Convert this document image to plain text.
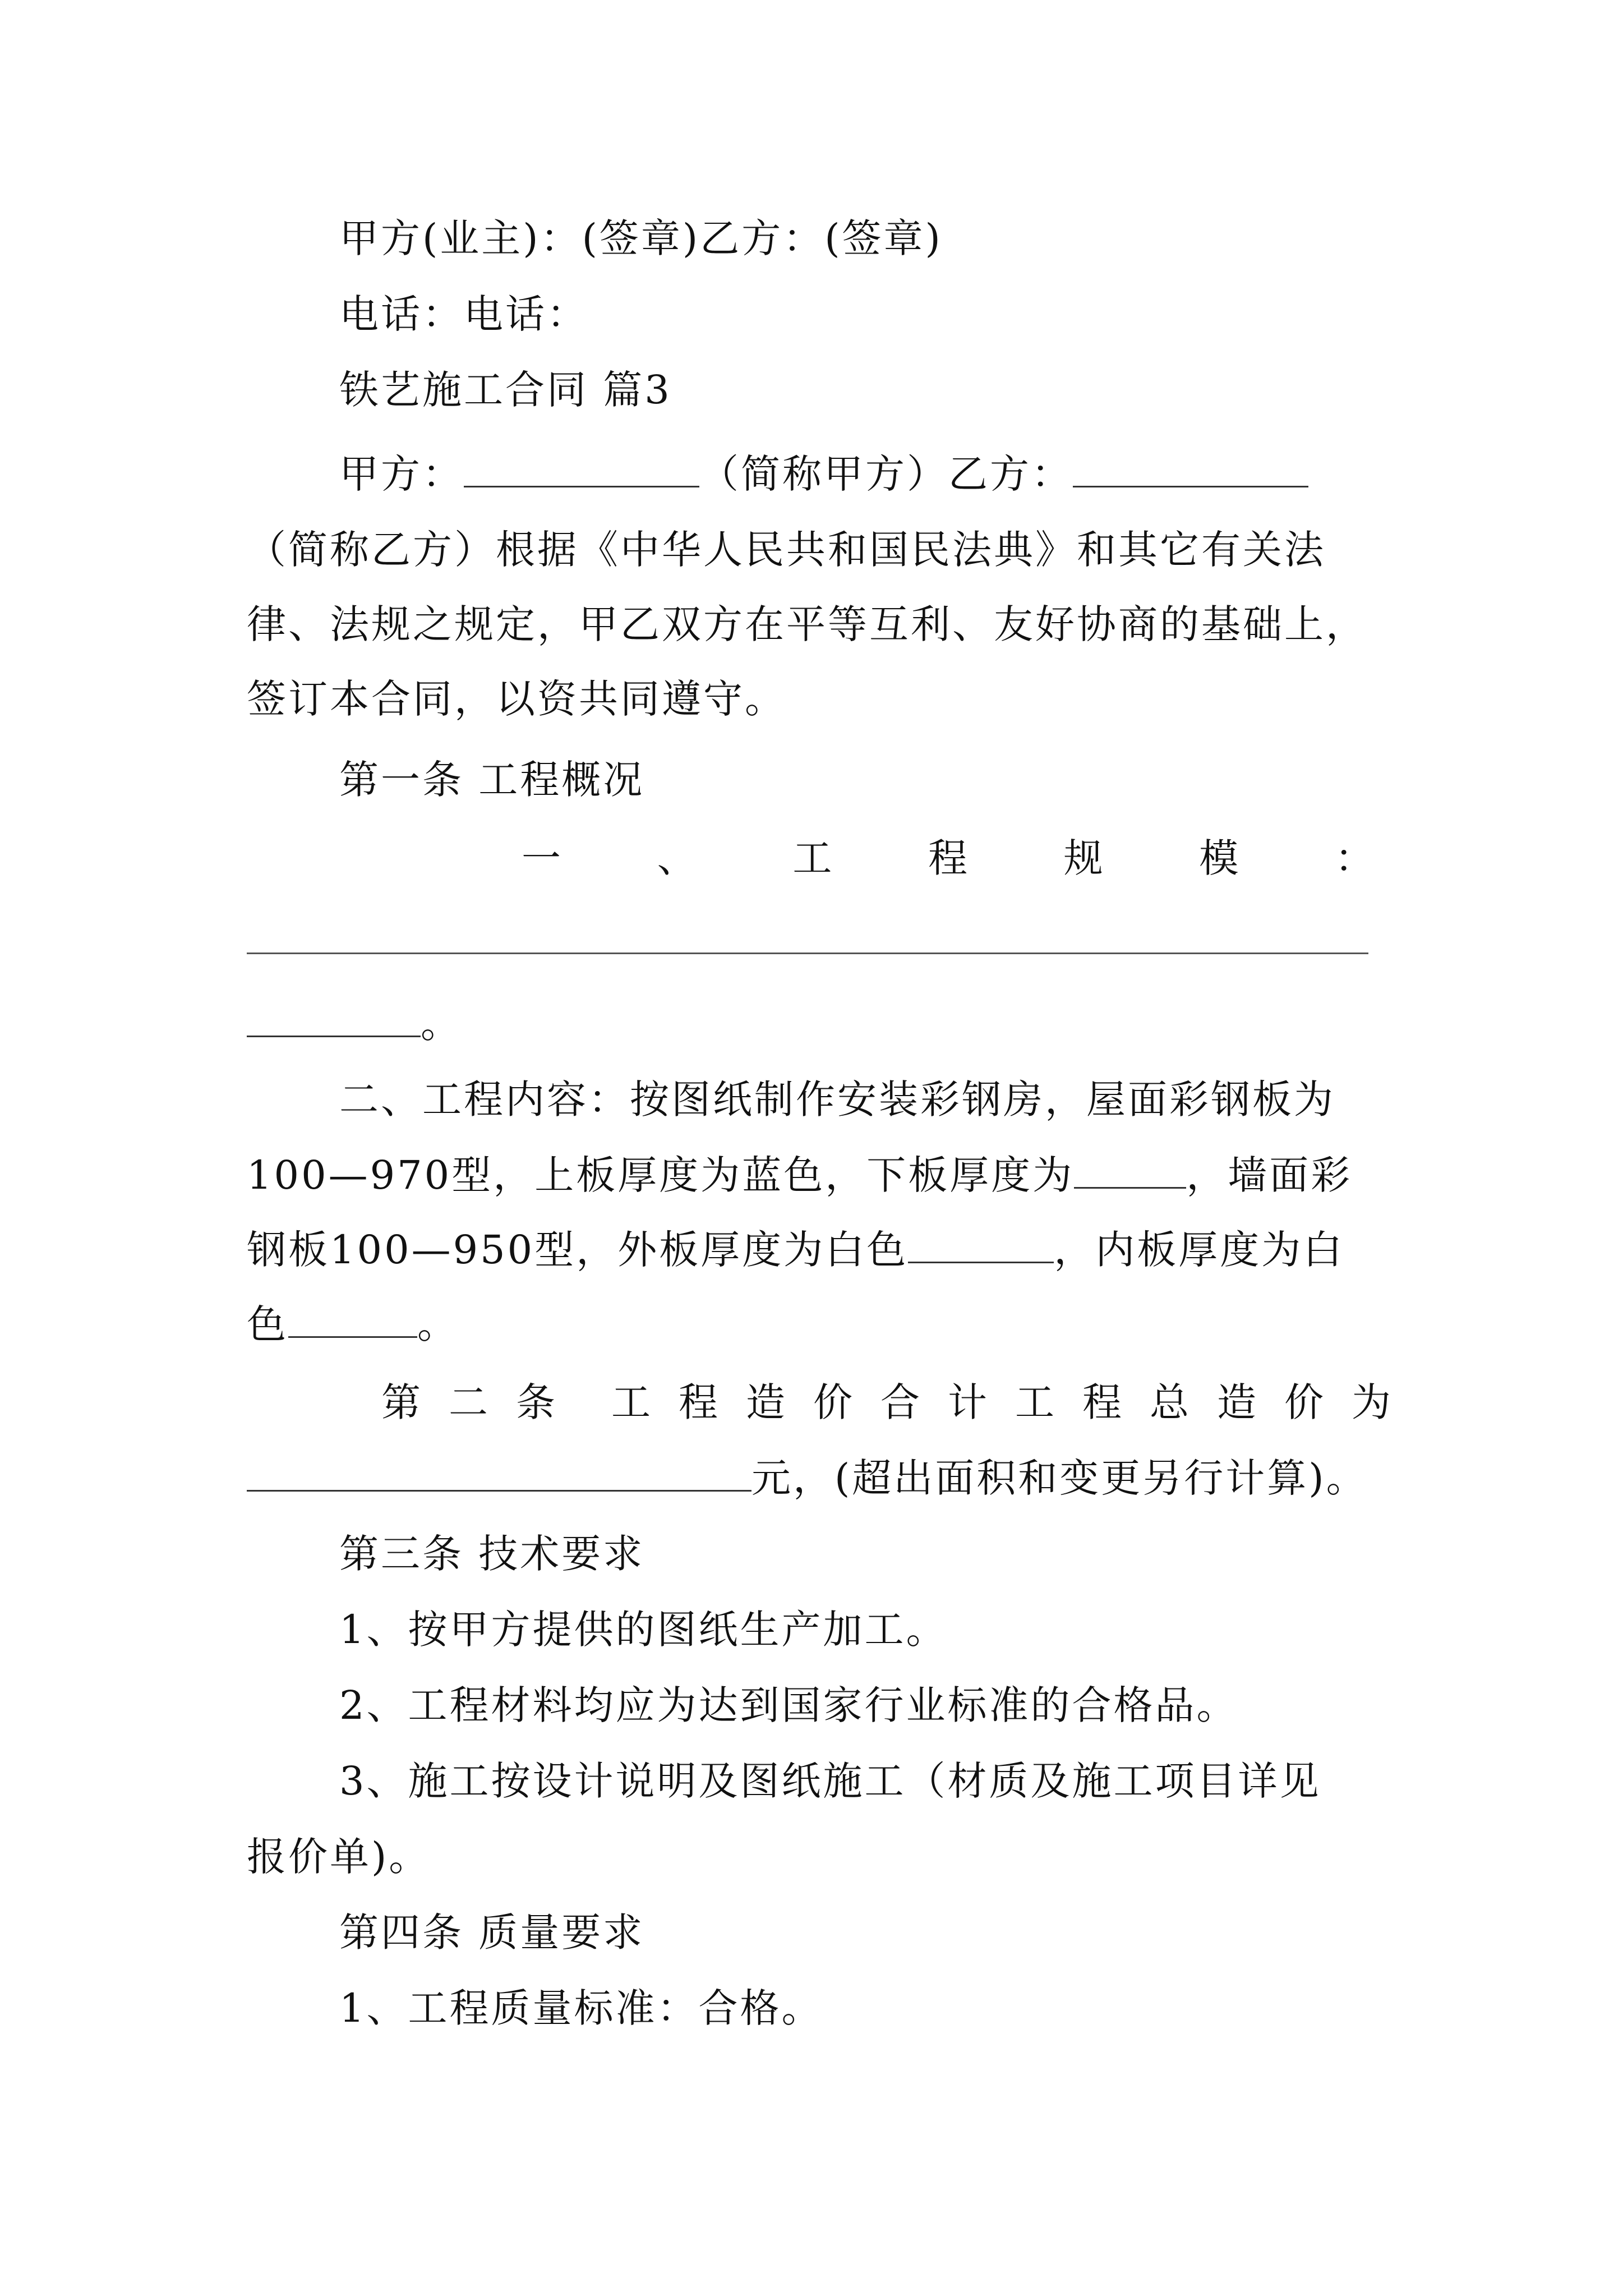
甲方(业主)：(签章)乙方：(签章)
电话：电话：
铁艺施工合同 篇3
甲方：	（简称甲方）乙方：
（简称乙方）根据《中华人民共和国民法典》和其它有关法
律、法规之规定，甲乙双方在平等互利、友好协商的基础上，
签订本合同，以资共同遵守。
第一条 工程概况
一 、 工 程 规 模 ：
。
二、工程内容：按图纸制作安装彩钢房，屋面彩钢板为
100—970型，上板厚度为蓝色，下板厚度为	，墙面彩
钢板100—950型，外板厚度为白色	，内板厚度为白
色	。
第 二 条 工 程 造 价 合 计 工 程 总 造 价 为
元，(超出面积和变更另行计算)。
第三条 技术要求
1、按甲方提供的图纸生产加工。
2、工程材料均应为达到国家行业标准的合格品。
3、施工按设计说明及图纸施工（材质及施工项目详见
报价单)。
第四条 质量要求
1、工程质量标准：合格。
